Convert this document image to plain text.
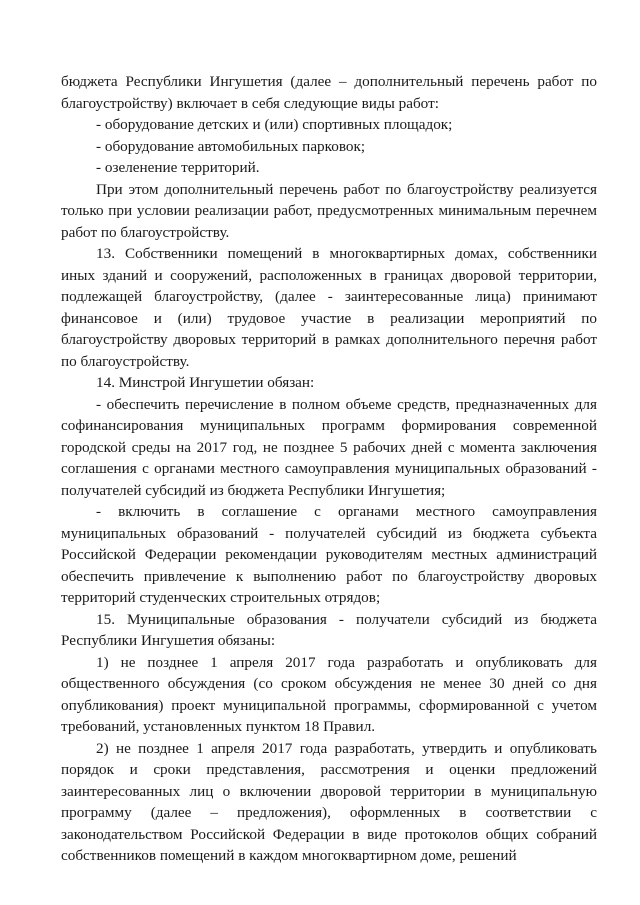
бюджета Республики Ингушетия (далее – дополнительный перечень работ по благоустройству) включает в себя следующие виды работ:

- оборудование детских и (или) спортивных площадок;

- оборудование автомобильных парковок;

- озеленение территорий.

При этом дополнительный перечень работ по благоустройству реализуется только при условии реализации работ, предусмотренных минимальным перечнем работ по благоустройству.

13. Собственники помещений в многоквартирных домах, собственники иных зданий и сооружений, расположенных в границах дворовой территории, подлежащей благоустройству, (далее - заинтересованные лица) принимают финансовое и (или) трудовое участие в реализации мероприятий по благоустройству дворовых территорий в рамках дополнительного перечня работ по благоустройству.

14. Минстрой Ингушетии обязан:

- обеспечить перечисление в полном объеме средств, предназначенных для софинансирования муниципальных программ формирования современной городской среды на 2017 год, не позднее 5 рабочих дней с момента заключения соглашения с органами местного самоуправления муниципальных образований - получателей субсидий из бюджета Республики Ингушетия;

- включить в соглашение с органами местного самоуправления муниципальных образований - получателей субсидий из бюджета субъекта Российской Федерации рекомендации руководителям местных администраций обеспечить привлечение к выполнению работ по благоустройству дворовых территорий студенческих строительных отрядов;

15. Муниципальные образования - получатели субсидий из бюджета Республики Ингушетия обязаны:

1) не позднее 1 апреля 2017 года разработать и опубликовать для общественного обсуждения (со сроком обсуждения не менее 30 дней со дня опубликования) проект муниципальной программы, сформированной с учетом требований, установленных пунктом 18 Правил.

2) не позднее 1 апреля 2017 года разработать, утвердить и опубликовать порядок и сроки представления, рассмотрения и оценки предложений заинтересованных лиц о включении дворовой территории в муниципальную программу (далее – предложения), оформленных в соответствии с законодательством Российской Федерации в виде протоколов общих собраний собственников помещений в каждом многоквартирном доме, решений
